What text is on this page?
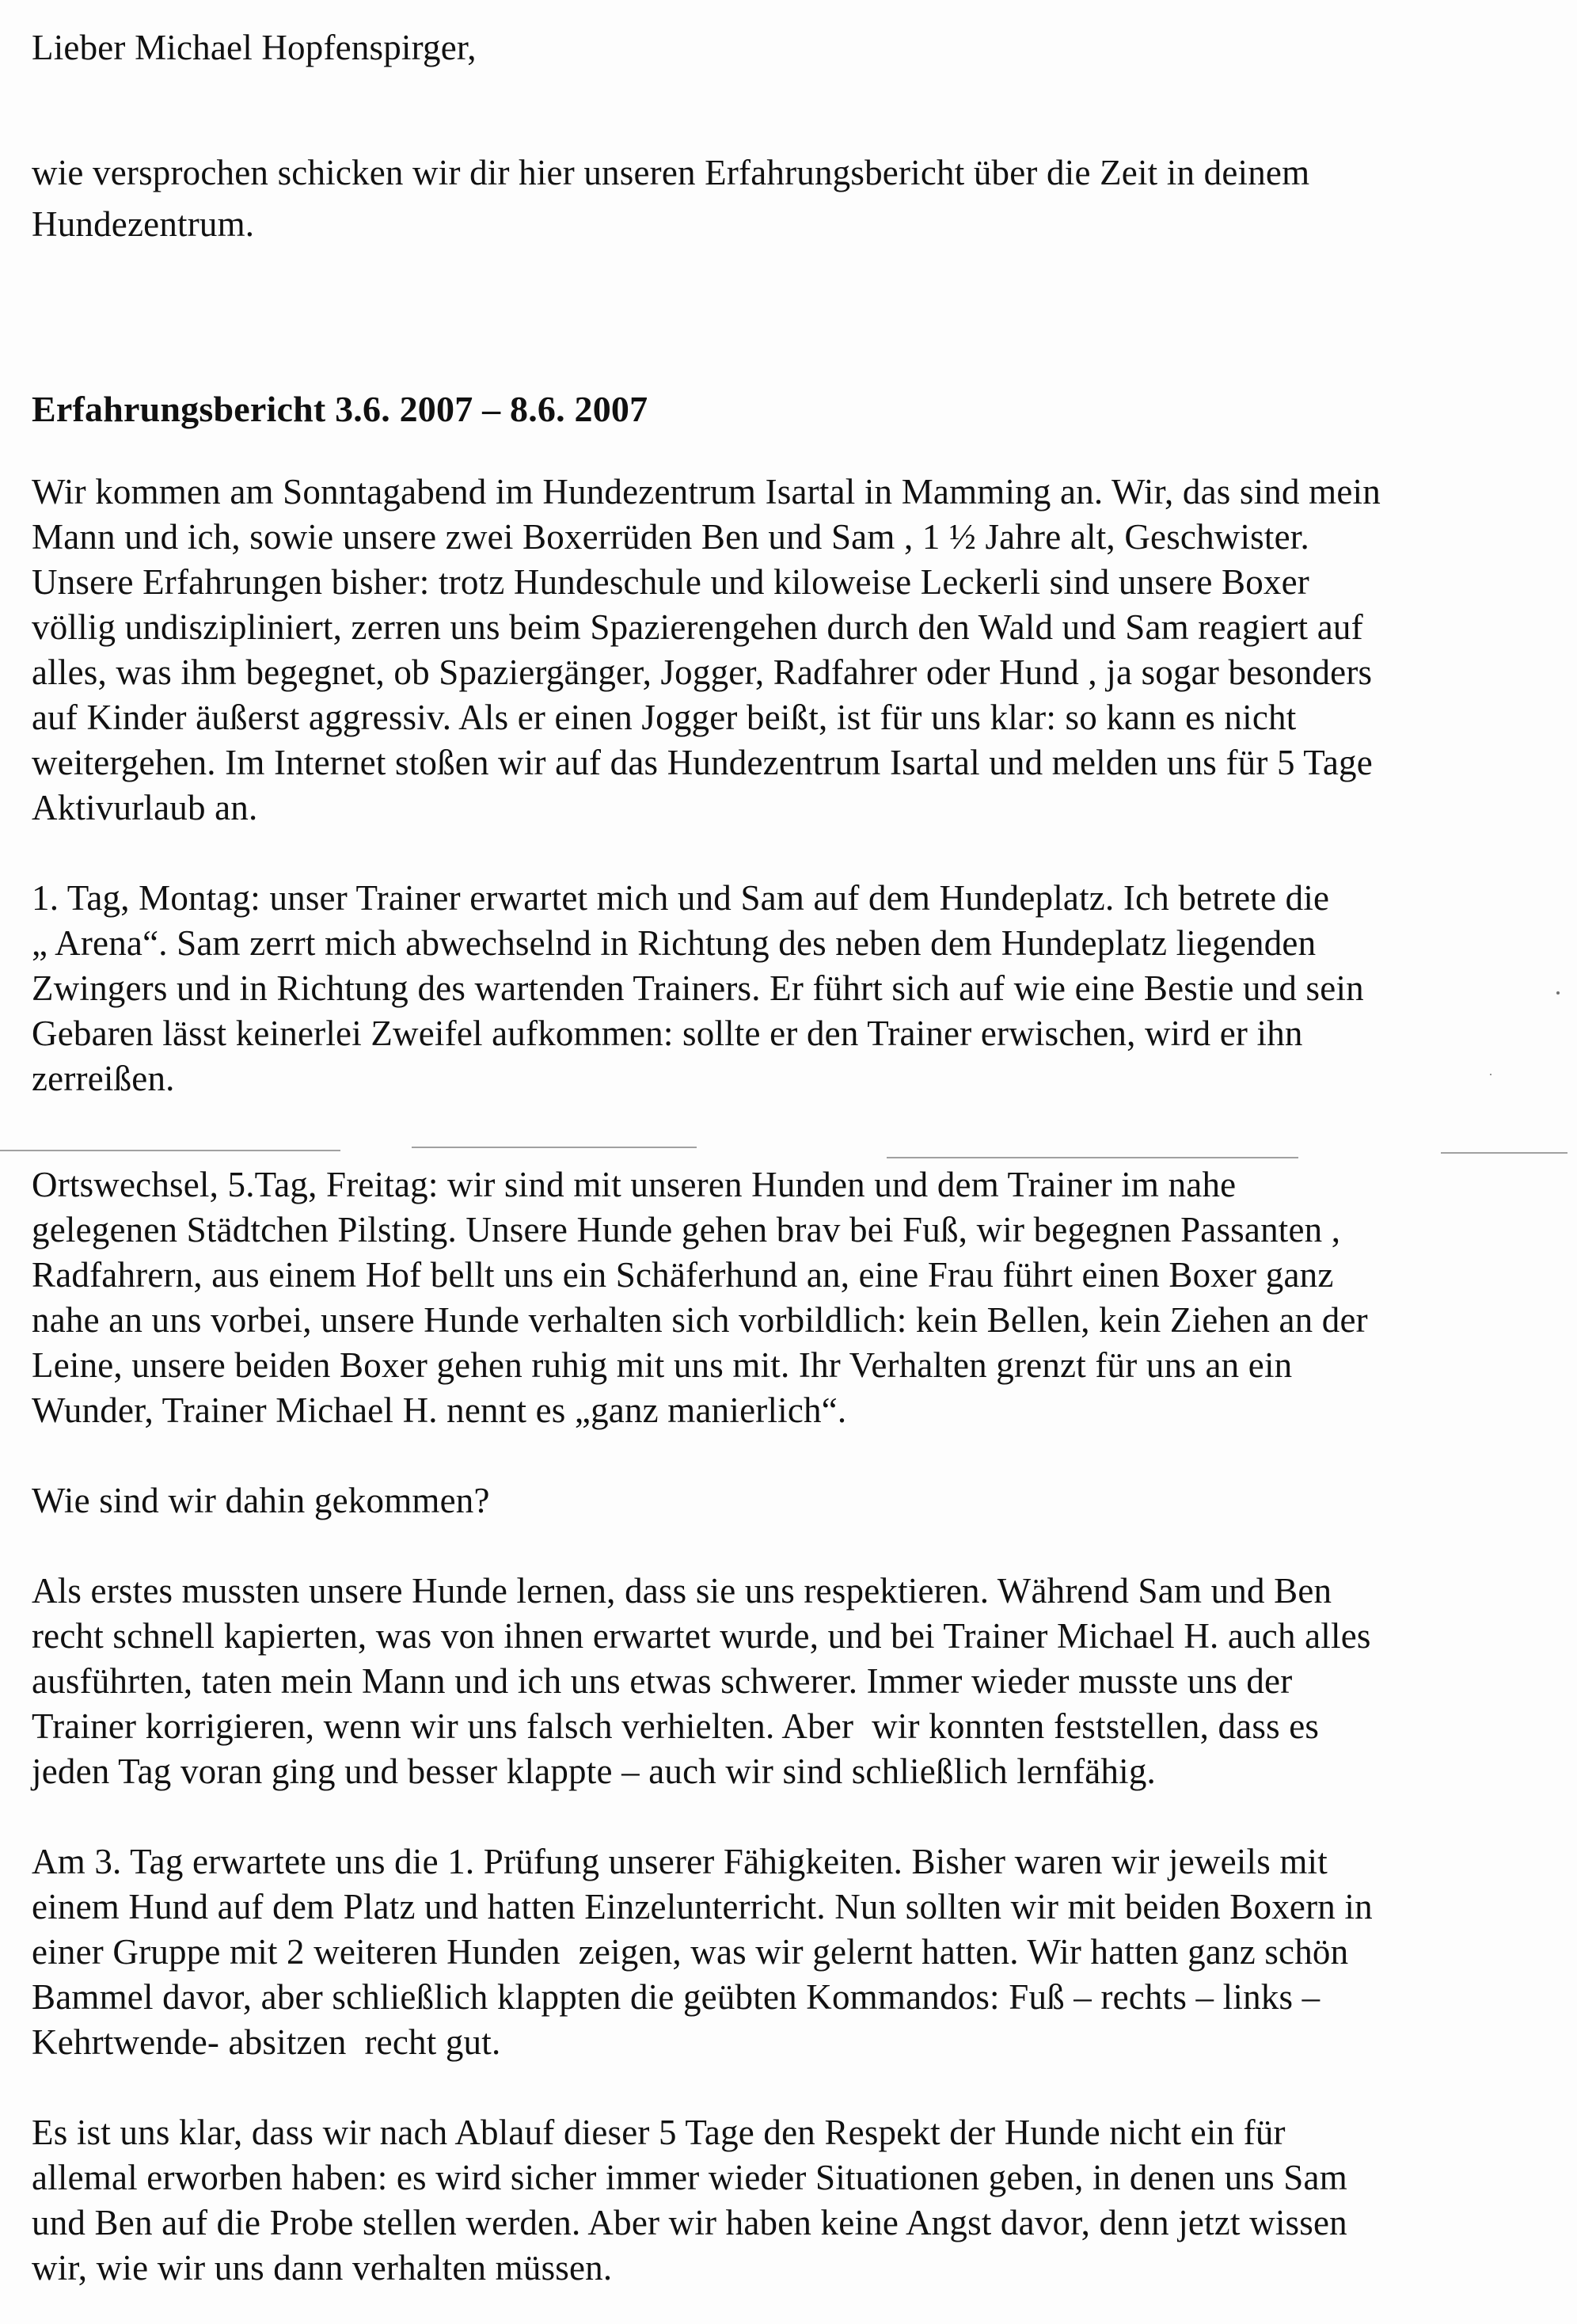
Lieber Michael Hopfenspirger,
wie versprochen schicken wir dir hier unseren Erfahrungsbericht über die Zeit in deinem
Hundezentrum.
Erfahrungsbericht 3.6. 2007 – 8.6. 2007
Wir kommen am Sonntagabend im Hundezentrum Isartal in Mamming an. Wir, das sind mein
Mann und ich, sowie unsere zwei Boxerrüden Ben und Sam , 1 ½ Jahre alt, Geschwister.
Unsere Erfahrungen bisher: trotz Hundeschule und kiloweise Leckerli sind unsere Boxer
völlig undiszipliniert, zerren uns beim Spazierengehen durch den Wald und Sam reagiert auf
alles, was ihm begegnet, ob Spaziergänger, Jogger, Radfahrer oder Hund , ja sogar besonders
auf Kinder äußerst aggressiv. Als er einen Jogger beißt, ist für uns klar: so kann es nicht
weitergehen. Im Internet stoßen wir auf das Hundezentrum Isartal und melden uns für 5 Tage
Aktivurlaub an.
1. Tag, Montag: unser Trainer erwartet mich und Sam auf dem Hundeplatz. Ich betrete die
„ Arena“. Sam zerrt mich abwechselnd in Richtung des neben dem Hundeplatz liegenden
Zwingers und in Richtung des wartenden Trainers. Er führt sich auf wie eine Bestie und sein
Gebaren lässt keinerlei Zweifel aufkommen: sollte er den Trainer erwischen, wird er ihn
zerreißen.
Ortswechsel, 5.Tag, Freitag: wir sind mit unseren Hunden und dem Trainer im nahe
gelegenen Städtchen Pilsting. Unsere Hunde gehen brav bei Fuß, wir begegnen Passanten ,
Radfahrern, aus einem Hof bellt uns ein Schäferhund an, eine Frau führt einen Boxer ganz
nahe an uns vorbei, unsere Hunde verhalten sich vorbildlich: kein Bellen, kein Ziehen an der
Leine, unsere beiden Boxer gehen ruhig mit uns mit. Ihr Verhalten grenzt für uns an ein
Wunder, Trainer Michael H. nennt es „ganz manierlich“.
Wie sind wir dahin gekommen?
Als erstes mussten unsere Hunde lernen, dass sie uns respektieren. Während Sam und Ben
recht schnell kapierten, was von ihnen erwartet wurde, und bei Trainer Michael H. auch alles
ausführten, taten mein Mann und ich uns etwas schwerer. Immer wieder musste uns der
Trainer korrigieren, wenn wir uns falsch verhielten. Aber  wir konnten feststellen, dass es
jeden Tag voran ging und besser klappte – auch wir sind schließlich lernfähig.
Am 3. Tag erwartete uns die 1. Prüfung unserer Fähigkeiten. Bisher waren wir jeweils mit
einem Hund auf dem Platz und hatten Einzelunterricht. Nun sollten wir mit beiden Boxern in
einer Gruppe mit 2 weiteren Hunden  zeigen, was wir gelernt hatten. Wir hatten ganz schön
Bammel davor, aber schließlich klappten die geübten Kommandos: Fuß – rechts – links –
Kehrtwende- absitzen  recht gut.
Es ist uns klar, dass wir nach Ablauf dieser 5 Tage den Respekt der Hunde nicht ein für
allemal erworben haben: es wird sicher immer wieder Situationen geben, in denen uns Sam
und Ben auf die Probe stellen werden. Aber wir haben keine Angst davor, denn jetzt wissen
wir, wie wir uns dann verhalten müssen.
